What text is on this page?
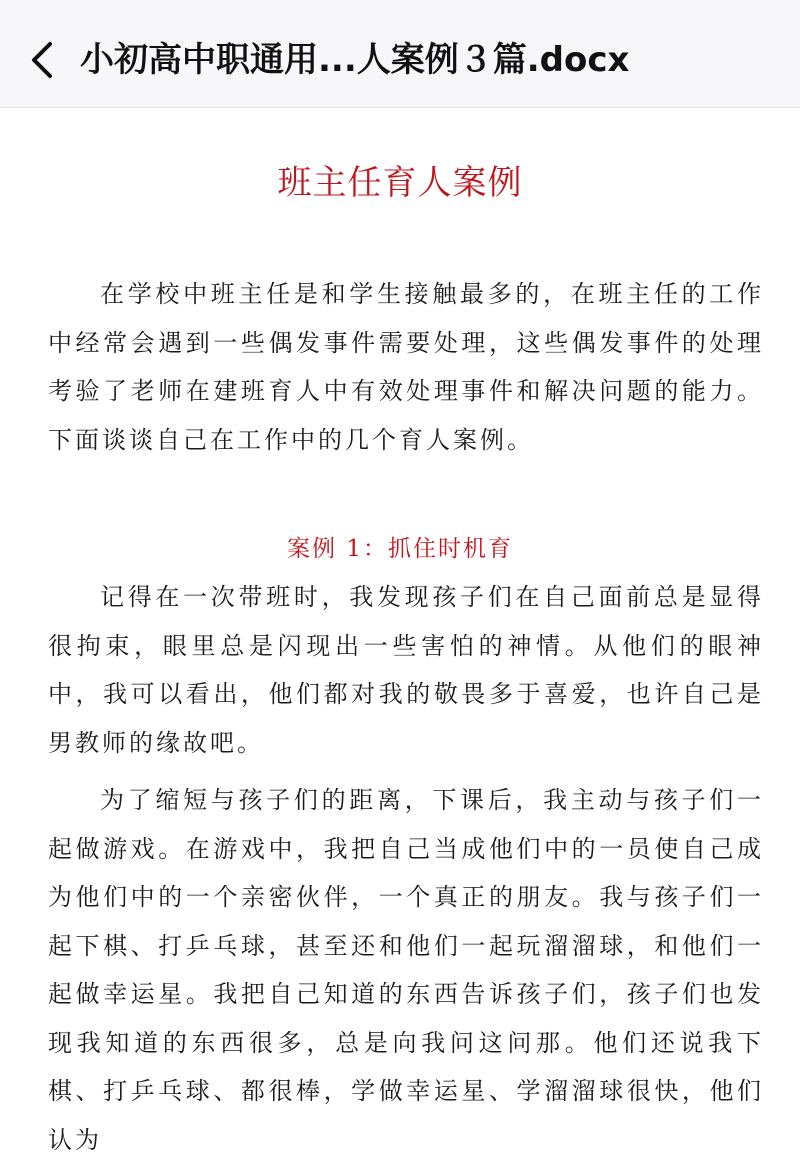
小初高中职通用...人案例３篇.docx
班主任育人案例

在学校中班主任是和学生接触最多的，在班主任的工作中经常会遇到一些偶发事件需要处理，这些偶发事件的处理考验了老师在建班育人中有效处理事件和解决问题的能力。下面谈谈自己在工作中的几个育人案例。

案例 1：抓住时机育

记得在一次带班时，我发现孩子们在自己面前总是显得很拘束，眼里总是闪现出一些害怕的神情。从他们的眼神中，我可以看出，他们都对我的敬畏多于喜爱，也许自己是男教师的缘故吧。

为了缩短与孩子们的距离，下课后，我主动与孩子们一起做游戏。在游戏中，我把自己当成他们中的一员使自己成为他们中的一个亲密伙伴，一个真正的朋友。我与孩子们一起下棋、打乒乓球，甚至还和他们一起玩溜溜球，和他们一起做幸运星。我把自己知道的东西告诉孩子们，孩子们也发现我知道的东西很多，总是向我问这问那。他们还说我下棋、打乒乓球、都很棒，学做幸运星、学溜溜球很快，他们认为
